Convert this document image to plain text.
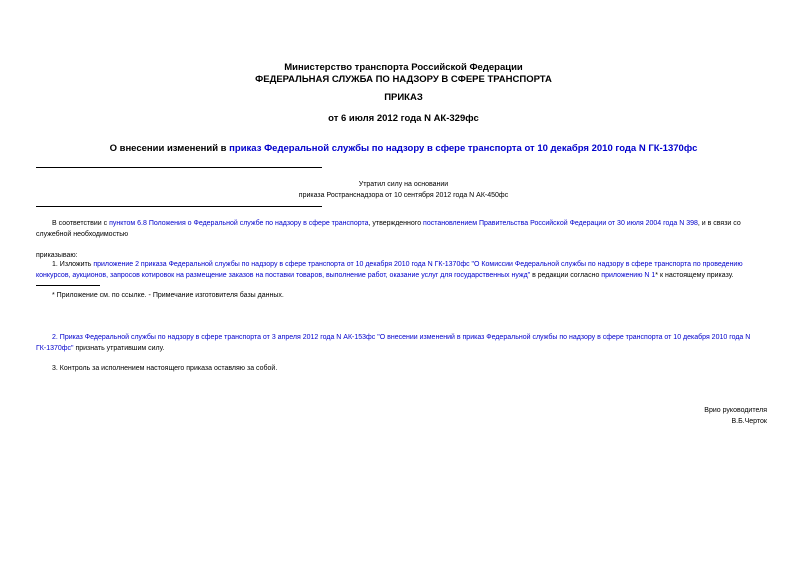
Министерство транспорта Российской Федерации
ФЕДЕРАЛЬНАЯ СЛУЖБА ПО НАДЗОРУ В СФЕРЕ ТРАНСПОРТА
ПРИКАЗ
от 6 июля 2012 года N АК-329фс
О внесении изменений в приказ Федеральной службы по надзору в сфере транспорта от 10 декабря 2010 года N ГК-1370фс
Утратил силу на основании
приказа Ространснадзора от 10 сентября 2012 года N АК-450фс
В соответствии с пунктом 6.8 Положения о Федеральной службе по надзору в сфере транспорта, утвержденного постановлением Правительства Российской Федерации от 30 июля 2004 года N 398, и в связи со служебной необходимостью
приказываю:
1. Изложить приложение 2 приказа Федеральной службы по надзору в сфере транспорта от 10 декабря 2010 года N ГК-1370фс "О Комиссии Федеральной службы по надзору в сфере транспорта по проведению конкурсов, аукционов, запросов котировок на размещение заказов на поставки товаров, выполнение работ, оказание услуг для государственных нужд" в редакции согласно приложению N 1* к настоящему приказу.
* Приложение см. по ссылке. - Примечание изготовителя базы данных.
2. Приказ Федеральной службы по надзору в сфере транспорта от 3 апреля 2012 года N АК-153фс "О внесении изменений в приказ Федеральной службы по надзору в сфере транспорта от 10 декабря 2010 года N ГК-1370фс" признать утратившим силу.
3. Контроль за исполнением настоящего приказа оставляю за собой.
Врио руководителя
В.Б.Черток
